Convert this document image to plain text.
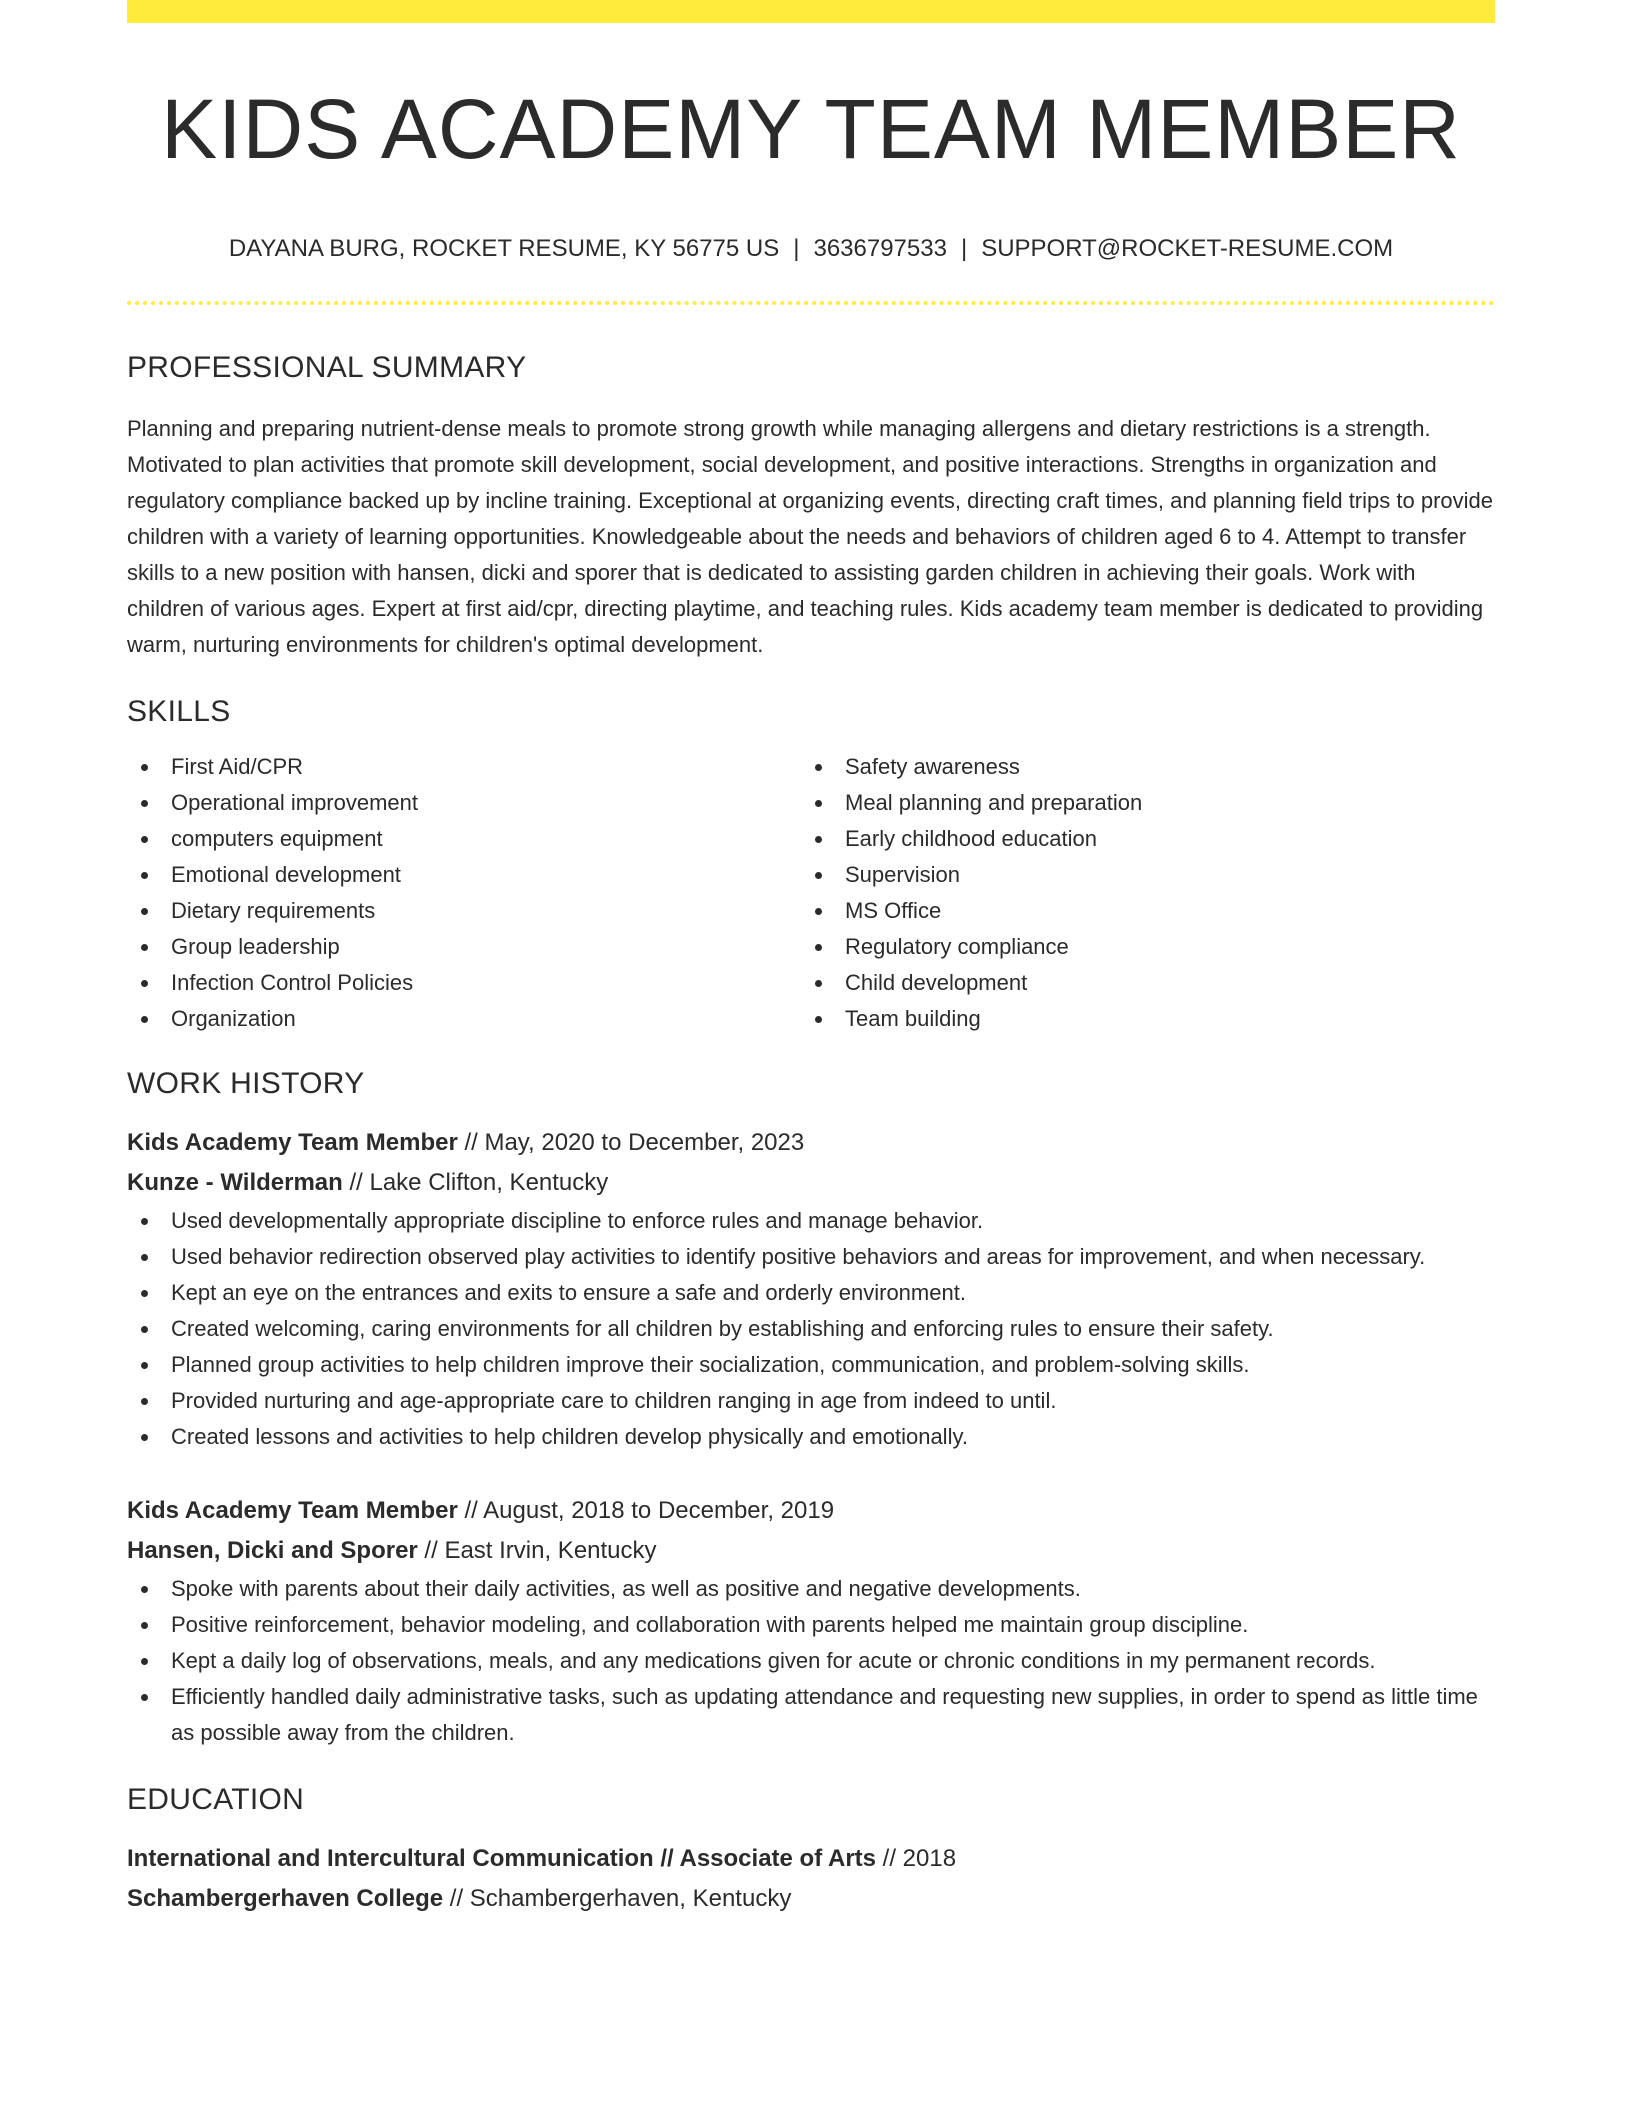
KIDS ACADEMY TEAM MEMBER
DAYANA BURG, ROCKET RESUME, KY 56775 US | 3636797533 | SUPPORT@ROCKET-RESUME.COM
PROFESSIONAL SUMMARY

Planning and preparing nutrient-dense meals to promote strong growth while managing allergens and dietary restrictions is a strength. Motivated to plan activities that promote skill development, social development, and positive interactions. Strengths in organization and regulatory compliance backed up by incline training. Exceptional at organizing events, directing craft times, and planning field trips to provide children with a variety of learning opportunities. Knowledgeable about the needs and behaviors of children aged 6 to 4. Attempt to transfer skills to a new position with hansen, dicki and sporer that is dedicated to assisting garden children in achieving their goals. Work with children of various ages. Expert at first aid/cpr, directing playtime, and teaching rules. Kids academy team member is dedicated to providing warm, nurturing environments for children's optimal development.

SKILLS
First Aid/CPR
Operational improvement
computers equipment
Emotional development
Dietary requirements
Group leadership
Infection Control Policies
Organization
Safety awareness
Meal planning and preparation
Early childhood education
Supervision
MS Office
Regulatory compliance
Child development
Team building
WORK HISTORY
Kids Academy Team Member // May, 2020 to December, 2023
Kunze - Wilderman // Lake Clifton, Kentucky
Used developmentally appropriate discipline to enforce rules and manage behavior.
Used behavior redirection observed play activities to identify positive behaviors and areas for improvement, and when necessary.
Kept an eye on the entrances and exits to ensure a safe and orderly environment.
Created welcoming, caring environments for all children by establishing and enforcing rules to ensure their safety.
Planned group activities to help children improve their socialization, communication, and problem-solving skills.
Provided nurturing and age-appropriate care to children ranging in age from indeed to until.
Created lessons and activities to help children develop physically and emotionally.
Kids Academy Team Member // August, 2018 to December, 2019
Hansen, Dicki and Sporer // East Irvin, Kentucky
Spoke with parents about their daily activities, as well as positive and negative developments.
Positive reinforcement, behavior modeling, and collaboration with parents helped me maintain group discipline.
Kept a daily log of observations, meals, and any medications given for acute or chronic conditions in my permanent records.
Efficiently handled daily administrative tasks, such as updating attendance and requesting new supplies, in order to spend as little time as possible away from the children.
EDUCATION
International and Intercultural Communication // Associate of Arts // 2018
Schambergerhaven College // Schambergerhaven, Kentucky
